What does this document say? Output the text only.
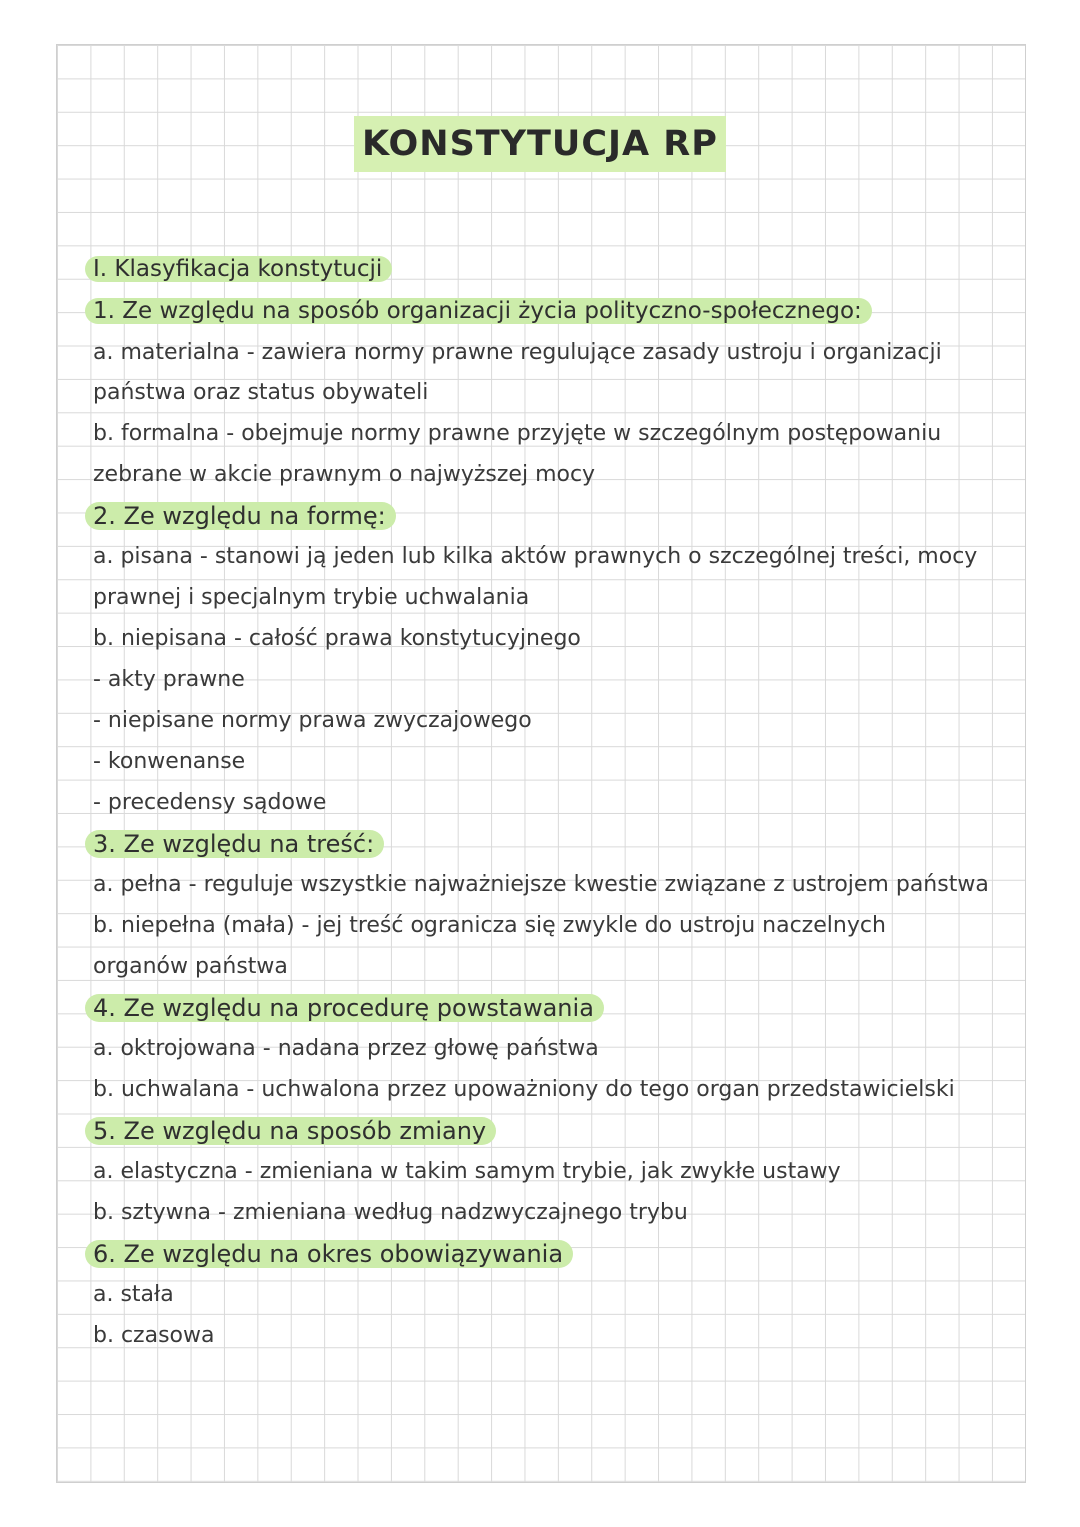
KONSTYTUCJA RP
I. Klasyfikacja konstytucji
1. Ze względu na sposób organizacji życia polityczno-społecznego:
a. materialna - zawiera normy prawne regulujące zasady ustroju i organizacji
państwa oraz status obywateli
b. formalna - obejmuje normy prawne przyjęte w szczególnym postępowaniu
zebrane w akcie prawnym o najwyższej mocy
2. Ze względu na formę:
a. pisana - stanowi ją jeden lub kilka aktów prawnych o szczególnej treści, mocy
prawnej i specjalnym trybie uchwalania
b. niepisana - całość prawa konstytucyjnego
- akty prawne
- niepisane normy prawa zwyczajowego
- konwenanse
- precedensy sądowe
3. Ze względu na treść:
a. pełna - reguluje wszystkie najważniejsze kwestie związane z ustrojem państwa
b. niepełna (mała) - jej treść ogranicza się zwykle do ustroju naczelnych
organów państwa
4. Ze względu na procedurę powstawania
a. oktrojowana - nadana przez głowę państwa
b. uchwalana - uchwalona przez upoważniony do tego organ przedstawicielski
5. Ze względu na sposób zmiany
a. elastyczna - zmieniana w takim samym trybie, jak zwykłe ustawy
b. sztywna - zmieniana według nadzwyczajnego trybu
6. Ze względu na okres obowiązywania
a. stała
b. czasowa
